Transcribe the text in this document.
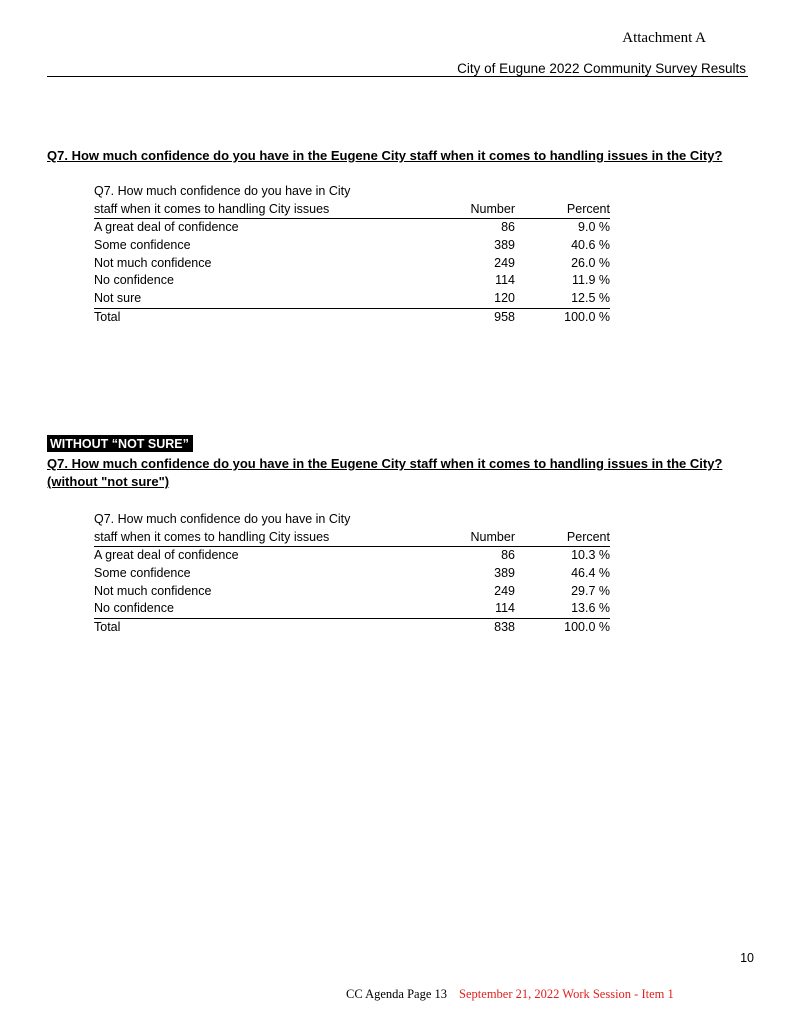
Attachment A
City of Eugune 2022 Community Survey Results
Q7. How much confidence do you have in the Eugene City staff when it comes to handling issues in the City?
Q7. How much confidence do you have in City
staff when it comes to handling City issues	Number	Percent
A great deal of confidence	86	9.0 %
Some confidence	389	40.6 %
Not much confidence	249	26.0 %
No confidence	114	11.9 %
Not sure	120	12.5 %
Total	958	100.0 %
WITHOUT “NOT SURE”
Q7. How much confidence do you have in the Eugene City staff when it comes to handling issues in the City?
(without "not sure")
Q7. How much confidence do you have in City
staff when it comes to handling City issues	Number	Percent
A great deal of confidence	86	10.3 %
Some confidence	389	46.4 %
Not much confidence	249	29.7 %
No confidence	114	13.6 %
Total	838	100.0 %
10
CC Agenda Page 13 September 21, 2022 Work Session - Item 1
